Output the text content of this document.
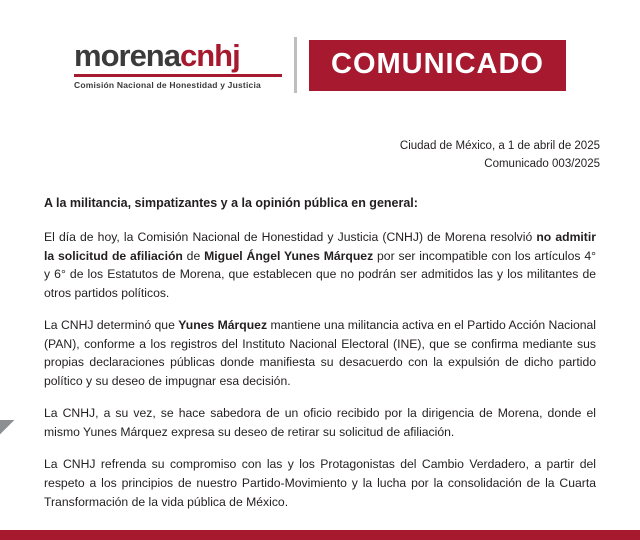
morenacnhj
Comisión Nacional de Honestidad y Justicia
COMUNICADO
Ciudad de México, a 1 de abril de 2025
Comunicado 003/2025

A la militancia, simpatizantes y a la opinión pública en general:

El día de hoy, la Comisión Nacional de Honestidad y Justicia (CNHJ) de Morena resolvió no admitir la solicitud de afiliación de Miguel Ángel Yunes Márquez por ser incompatible con los artículos 4° y 6° de los Estatutos de Morena, que establecen que no podrán ser admitidos las y los militantes de otros partidos políticos.

La CNHJ determinó que Yunes Márquez mantiene una militancia activa en el Partido Acción Nacional (PAN), conforme a los registros del Instituto Nacional Electoral (INE), que se confirma mediante sus propias declaraciones públicas donde manifiesta su desacuerdo con la expulsión de dicho partido político y su deseo de impugnar esa decisión.

La CNHJ, a su vez, se hace sabedora de un oficio recibido por la dirigencia de Morena, donde el mismo Yunes Márquez expresa su deseo de retirar su solicitud de afiliación.

La CNHJ refrenda su compromiso con las y los Protagonistas del Cambio Verdadero, a partir del respeto a los principios de nuestro Partido-Movimiento y la lucha por la consolidación de la Cuarta Transformación de la vida pública de México.
